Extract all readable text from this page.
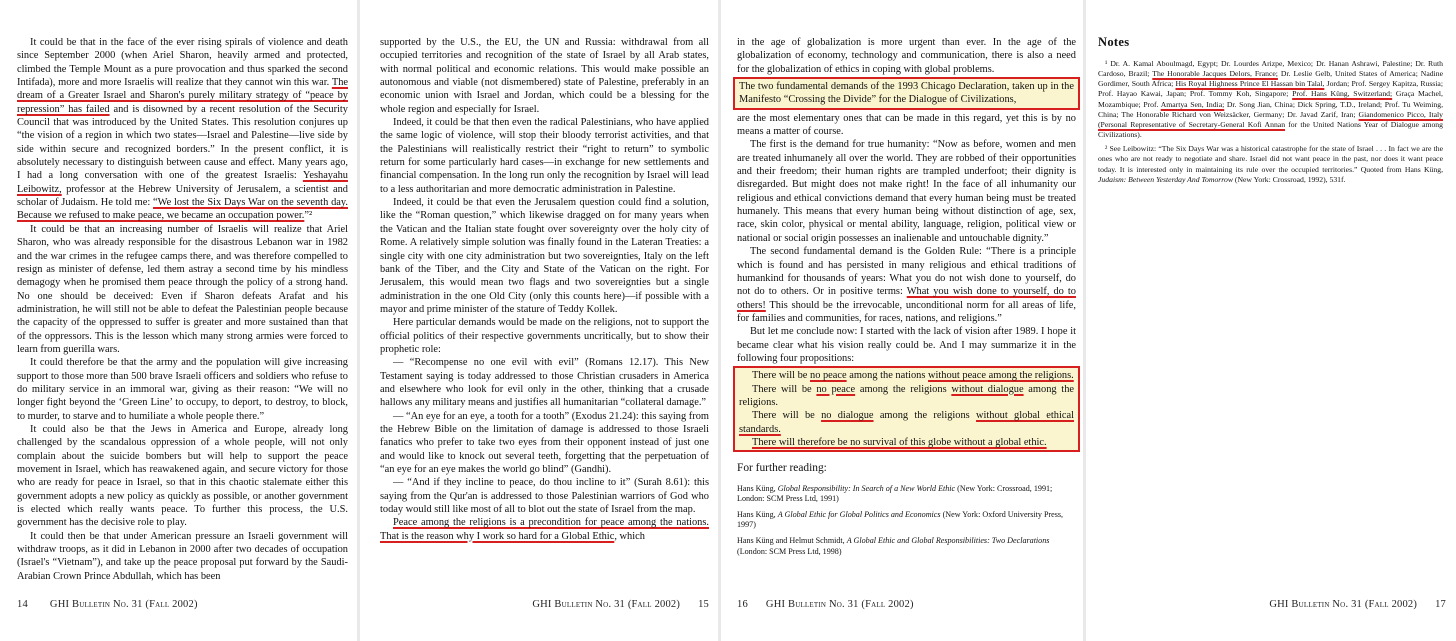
It could be that in the face of the ever rising spirals of violence and death since September 2000 (when Ariel Sharon, heavily armed and protected, climbed the Temple Mount as a pure provocation and thus sparked the second Intifada), more and more Israelis will realize that they cannot win this war. The dream of a Greater Israel and Sharon's purely military strategy of “peace by repression” has failed and is disowned by a recent resolution of the Security Council that was introduced by the United States. This resolution conjures up “the vision of a region in which two states—Israel and Palestine—live side by side within secure and recognized borders.” In the present conflict, it is absolutely necessary to distinguish between cause and effect. Many years ago, I had a long conversation with one of the greatest Israelis: Yeshayahu Leibowitz, professor at the Hebrew University of Jerusalem, a scientist and scholar of Judaism. He told me: “We lost the Six Days War on the seventh day. Because we refused to make peace, we became an occupation power.”²

It could be that an increasing number of Israelis will realize that Ariel Sharon, who was already responsible for the disastrous Lebanon war in 1982 and the war crimes in the refugee camps there, and was therefore compelled to resign as minister of defense, led them astray a second time by his mindless demagogy when he promised them peace through the policy of a strong hand. No one should be deceived: Even if Sharon defeats Arafat and his administration, he will still not be able to defeat the Palestinian people because the capacity of the oppressed to suffer is greater and more sustained than that of the oppressors. This is the lesson which many strong armies were forced to learn from guerilla wars.

It could therefore be that the army and the population will give increasing support to those more than 500 brave Israeli officers and soldiers who refuse to do military service in an immoral war, giving as their reason: “We will no longer fight beyond the ‘Green Line’ to occupy, to deport, to destroy, to block, to murder, to starve and to humiliate a whole people there.”

It could also be that the Jews in America and Europe, already long challenged by the scandalous oppression of a whole people, will not only complain about the suicide bombers but will help to support the peace movement in Israel, which has reawakened again, and secure victory for those who are ready for peace in Israel, so that in this chaotic stalemate either this government adopts a new policy as quickly as possible, or another government is elected which really wants peace. To further this process, the U.S. government has the decisive role to play.

It could then be that under American pressure an Israeli government will withdraw troops, as it did in Lebanon in 2000 after two decades of occupation (Israel's “Vietnam”), and take up the peace proposal put forward by the Saudi-Arabian Crown Prince Abdullah, which has been

14 GHI Bulletin No. 31 (Fall 2002)

supported by the U.S., the EU, the UN and Russia: withdrawal from all occupied territories and recognition of the state of Israel by all Arab states, with normal political and economic relations. This would make possible an autonomous and viable (not dismembered) state of Palestine, preferably in an economic union with Israel and Jordan, which could be a blessing for the whole region and especially for Israel.

Indeed, it could be that then even the radical Palestinians, who have applied the same logic of violence, will stop their bloody terrorist activities, and that the Palestinians will realistically restrict their “right to return” to symbolic return for some particularly hard cases—in exchange for new settlements and financial compensation. In the long run only the recognition by Israel will lead to a less authoritarian and more democratic administration in Palestine.

Indeed, it could be that even the Jerusalem question could find a solution, like the “Roman question,” which likewise dragged on for many years when the Vatican and the Italian state fought over sovereignty over the holy city of Rome. A relatively simple solution was finally found in the Lateran Treaties: a single city with one city administration but two sovereignties, Italy on the left bank of the Tiber, and the City and State of the Vatican on the right. For Jerusalem, this would mean two flags and two sovereignties but a single administration in the one Old City (only this counts here)—if possible with a mayor and prime minister of the stature of Teddy Kollek.

Here particular demands would be made on the religions, not to support the official politics of their respective governments uncritically, but to show their prophetic role:

— “Recompense no one evil with evil” (Romans 12.17). This New Testament saying is today addressed to those Christian crusaders in America and elsewhere who look for evil only in the other, thinking that a crusade hallows any military means and justifies all humanitarian “collateral damage.”

— “An eye for an eye, a tooth for a tooth” (Exodus 21.24): this saying from the Hebrew Bible on the limitation of damage is addressed to those Israeli fanatics who prefer to take two eyes from their opponent instead of just one and would like to knock out several teeth, forgetting that the perpetuation of “an eye for an eye makes the world go blind” (Gandhi).

— “And if they incline to peace, do thou incline to it” (Surah 8.61): this saying from the Qur'an is addressed to those Palestinian warriors of God who today would still like most of all to blot out the state of Israel from the map.

Peace among the religions is a precondition for peace among the nations. That is the reason why I work so hard for a Global Ethic, which

GHI Bulletin No. 31 (Fall 2002) 15

in the age of globalization is more urgent than ever. In the age of the globalization of economy, technology and communication, there is also a need for the globalization of ethics in coping with global problems.

The two fundamental demands of the 1993 Chicago Declaration, taken up in the Manifesto “Crossing the Divide” for the Dialogue of Civilizations,

are the most elementary ones that can be made in this regard, yet this is by no means a matter of course.

The first is the demand for true humanity: “Now as before, women and men are treated inhumanely all over the world. They are robbed of their opportunities and their freedom; their human rights are trampled underfoot; their dignity is disregarded. But might does not make right! In the face of all inhumanity our religious and ethical convictions demand that every human being must be treated humanely. This means that every human being without distinction of age, sex, race, skin color, physical or mental ability, language, religion, political view or national or social origin possesses an inalienable and untouchable dignity.”

The second fundamental demand is the Golden Rule: “There is a principle which is found and has persisted in many religious and ethical traditions of humankind for thousands of years: What you do not wish done to yourself, do not do to others. Or in positive terms: What you wish done to yourself, do to others! This should be the irrevocable, unconditional norm for all areas of life, for families and communities, for races, nations, and religions.”

But let me conclude now: I started with the lack of vision after 1989. I hope it became clear what his vision really could be. And I may summarize it in the following four propositions:

There will be no peace among the nations without peace among the religions.

There will be no peace among the religions without dialogue among the religions.

There will be no dialogue among the religions without global ethical standards.

There will therefore be no survival of this globe without a global ethic.

For further reading:

Hans Küng, Global Responsibility: In Search of a New World Ethic (New York: Crossroad, 1991; London: SCM Press Ltd, 1991)

Hans Küng, A Global Ethic for Global Politics and Economics (New York: Oxford University Press, 1997)

Hans Küng and Helmut Schmidt, A Global Ethic and Global Responsibilities: Two Declarations (London: SCM Press Ltd, 1998)

16 GHI Bulletin No. 31 (Fall 2002)
Notes

¹ Dr. A. Kamal Aboulmagd, Egypt; Dr. Lourdes Arizpe, Mexico; Dr. Hanan Ashrawi, Palestine; Dr. Ruth Cardoso, Brazil; The Honorable Jacques Delors, France; Dr. Leslie Gelb, United States of America; Nadine Gordimer, South Africa; His Royal Highness Prince El Hassan bin Talal, Jordan; Prof. Sergey Kapitza, Russia; Prof. Hayao Kawai, Japan; Prof. Tommy Koh, Singapore; Prof. Hans Küng, Switzerland; Graça Machel, Mozambique; Prof. Amartya Sen, India; Dr. Song Jian, China; Dick Spring, T.D., Ireland; Prof. Tu Weiming, China; The Honorable Richard von Weizsäcker, Germany; Dr. Javad Zarif, Iran; Giandomenico Picco, Italy (Personal Representative of Secretary-General Kofi Annan for the United Nations Year of Dialogue among Civilizations).

² See Leibowitz: “The Six Days War was a historical catastrophe for the state of Israel . . . In fact we are the ones who are not ready to negotiate and share. Israel did not want peace in the past, nor does it want peace today. It is interested only in maintaining its rule over the occupied territories.” Quoted from Hans Küng, Judaism: Between Yesterday And Tomorrow (New York: Crossroad, 1992), 531f.

GHI Bulletin No. 31 (Fall 2002) 17
